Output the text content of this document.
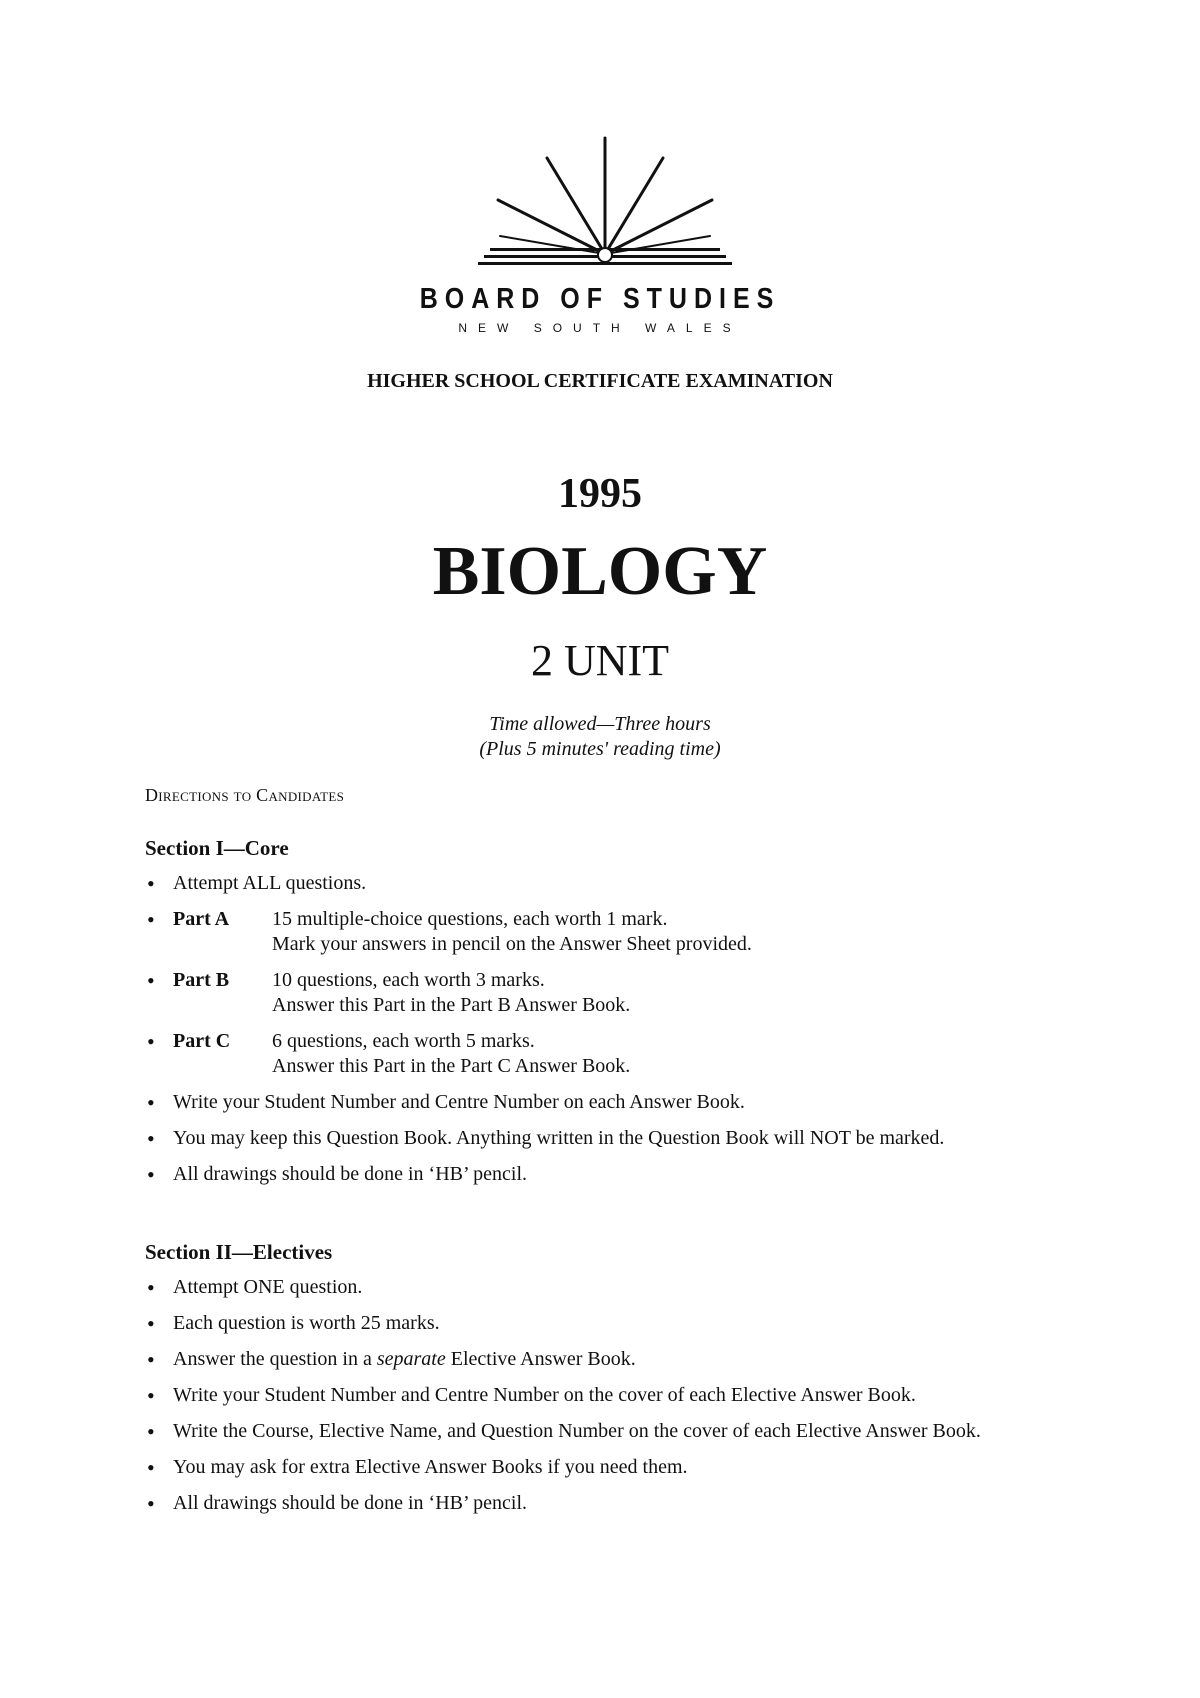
BOARD OF STUDIES
NEW SOUTH WALES
HIGHER SCHOOL CERTIFICATE EXAMINATION
1995
BIOLOGY
2 UNIT
Time allowed—Three hours
(Plus 5 minutes' reading time)
Directions to Candidates
Section I—Core
• Attempt ALL questions.
• Part A	15 multiple-choice questions, each worth 1 mark.
Mark your answers in pencil on the Answer Sheet provided.
• Part B	10 questions, each worth 3 marks.
Answer this Part in the Part B Answer Book.
• Part C	6 questions, each worth 5 marks.
Answer this Part in the Part C Answer Book.
• Write your Student Number and Centre Number on each Answer Book.
• You may keep this Question Book. Anything written in the Question Book will NOT be marked.
• All drawings should be done in ‘HB’ pencil.
Section II—Electives
• Attempt ONE question.
• Each question is worth 25 marks.
• Answer the question in a separate Elective Answer Book.
• Write your Student Number and Centre Number on the cover of each Elective Answer Book.
• Write the Course, Elective Name, and Question Number on the cover of each Elective Answer Book.
• You may ask for extra Elective Answer Books if you need them.
• All drawings should be done in ‘HB’ pencil.
